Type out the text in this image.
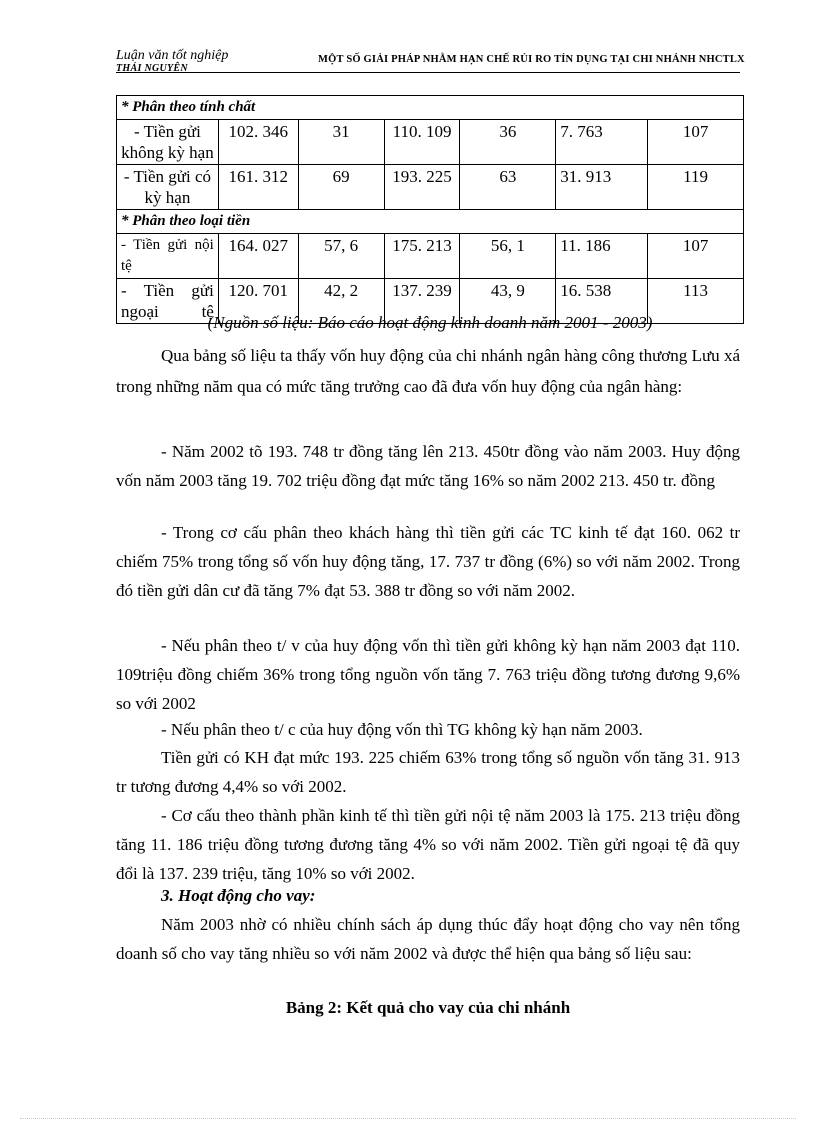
Luận văn tốt nghiệp
THÁI NGUYÊN
MỘT SỐ GIẢI PHÁP NHẰM HẠN CHẾ RỦI RO TÍN DỤNG TẠI CHI NHÁNH NHCTLX
* Phân theo tính chất						
- Tiền gửi không kỳ hạn	102. 346	31	110. 109	36	7. 763	107
- Tiền gửi có kỳ hạn	161. 312	69	193. 225	63	31. 913	119
* Phân theo loại tiền						
- Tiền gửi nội tệ	164. 027	57, 6	175. 213	56, 1	11. 186	107
- Tiền gửi ngoại tệ	120. 701	42, 2	137. 239	43, 9	16. 538	113
(Nguồn số liệu: Báo cáo hoạt động kinh doanh năm 2001 - 2003)
Qua bảng số liệu ta thấy vốn huy động của chi nhánh ngân hàng công thương Lưu xá trong những năm qua có mức tăng trưởng cao đã đưa vốn huy động của ngân hàng:
- Năm 2002 tõ 193. 748 tr đồng tăng lên 213. 450tr đồng vào năm 2003. Huy động vốn năm 2003 tăng 19. 702 triệu đồng đạt mức tăng 16% so năm 2002 213. 450 tr. đồng
- Trong cơ cấu phân theo khách hàng thì tiền gửi các TC kinh tế đạt 160. 062 tr chiếm 75% trong tổng số vốn huy động tăng, 17. 737 tr đồng (6%) so với năm 2002. Trong đó tiền gửi dân cư đã tăng 7% đạt 53. 388 tr đồng so với năm 2002.
- Nếu phân theo t/ v của huy động vốn thì tiền gửi không kỳ hạn năm 2003 đạt 110. 109triệu đồng chiếm 36% trong tổng nguồn vốn tăng 7. 763 triệu đồng tương đương 9,6% so với 2002
- Nếu phân theo t/ c của huy động vốn thì TG không kỳ hạn năm 2003.
Tiền gửi có KH đạt mức 193. 225 chiếm 63% trong tổng số nguồn vốn tăng 31. 913 tr tương đương 4,4% so với 2002.
- Cơ cấu theo thành phần kinh tế thì tiền gửi nội tệ năm 2003 là 175. 213 triệu đồng tăng 11. 186 triệu đồng tương đương tăng 4% so với năm 2002. Tiền gửi ngoại tệ đã quy đổi là 137. 239 triệu, tăng 10% so với 2002.
3. Hoạt động cho vay:
Năm 2003 nhờ có nhiều chính sách áp dụng thúc đẩy hoạt động cho vay nên tổng doanh số cho vay tăng nhiều so với năm 2002 và được thể hiện qua bảng số liệu sau:
Bảng 2: Kết quả cho vay của chi nhánh
